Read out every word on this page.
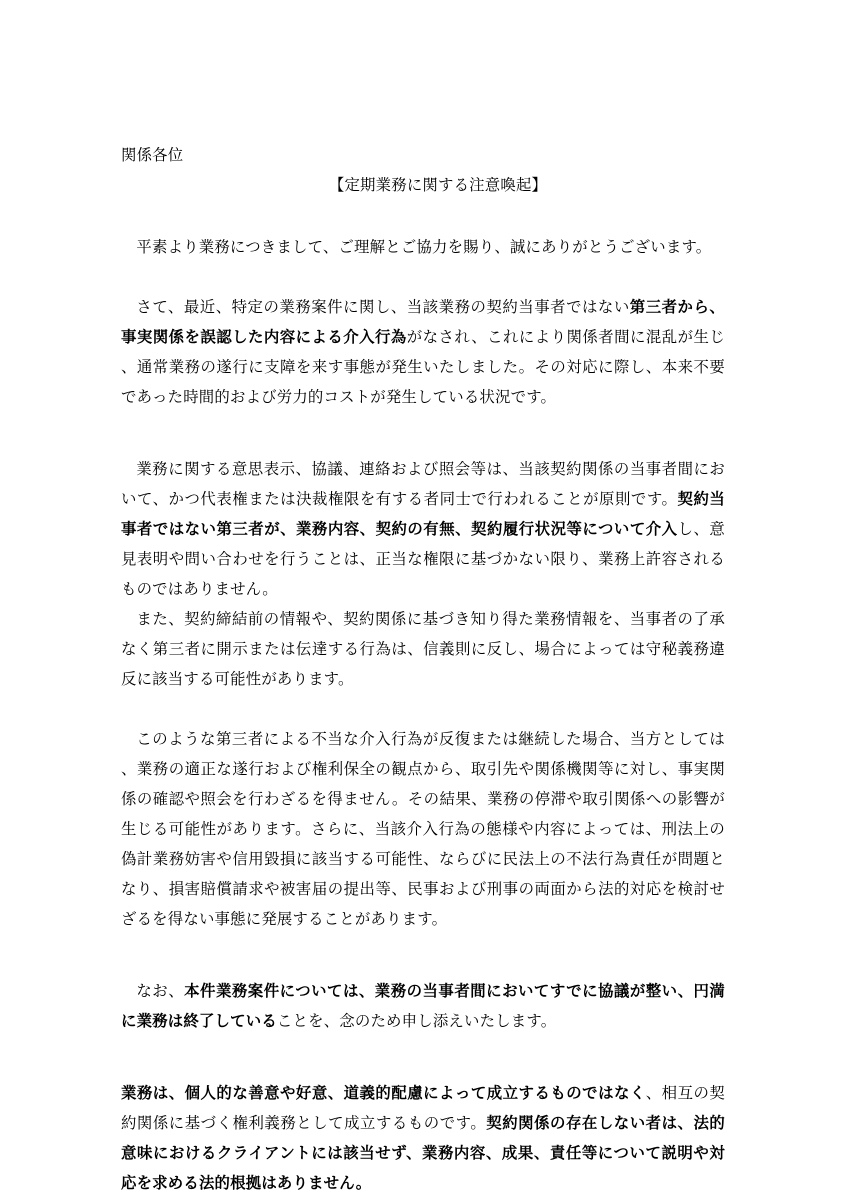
関係各位

【定期業務に関する注意喚起】

平素より業務につきまして、ご理解とご協力を賜り、誠にありがとうございます。

さて、最近、特定の業務案件に関し、当該業務の契約当事者ではない第三者から、事実関係を誤認した内容による介入行為がなされ、これにより関係者間に混乱が生じ、通常業務の遂行に支障を来す事態が発生いたしました。その対応に際し、本来不要であった時間的および労力的コストが発生している状況です。

業務に関する意思表示、協議、連絡および照会等は、当該契約関係の当事者間において、かつ代表権または決裁権限を有する者同士で行われることが原則です。契約当事者ではない第三者が、業務内容、契約の有無、契約履行状況等について介入し、意見表明や問い合わせを行うことは、正当な権限に基づかない限り、業務上許容されるものではありません。

また、契約締結前の情報や、契約関係に基づき知り得た業務情報を、当事者の了承なく第三者に開示または伝達する行為は、信義則に反し、場合によっては守秘義務違反に該当する可能性があります。

このような第三者による不当な介入行為が反復または継続した場合、当方としては、業務の適正な遂行および権利保全の観点から、取引先や関係機関等に対し、事実関係の確認や照会を行わざるを得ません。その結果、業務の停滞や取引関係への影響が生じる可能性があります。さらに、当該介入行為の態様や内容によっては、刑法上の偽計業務妨害や信用毀損に該当する可能性、ならびに民法上の不法行為責任が問題となり、損害賠償請求や被害届の提出等、民事および刑事の両面から法的対応を検討せざるを得ない事態に発展することがあります。

なお、本件業務案件については、業務の当事者間においてすでに協議が整い、円満に業務は終了していることを、念のため申し添えいたします。

業務は、個人的な善意や好意、道義的配慮によって成立するものではなく、相互の契約関係に基づく権利義務として成立するものです。契約関係の存在しない者は、法的意味におけるクライアントには該当せず、業務内容、成果、責任等について説明や対応を求める法的根拠はありません。
